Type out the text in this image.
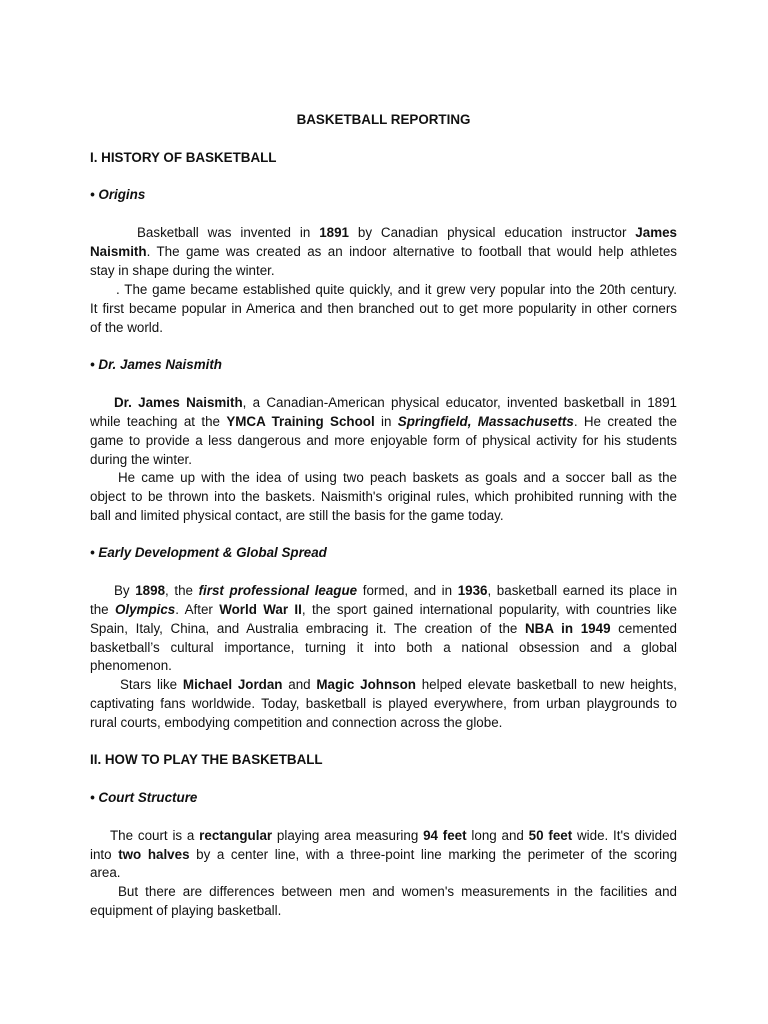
BASKETBALL REPORTING
I. HISTORY OF BASKETBALL
• Origins
Basketball was invented in 1891 by Canadian physical education instructor James
Naismith. The game was created as an indoor alternative to football that would help athletes
stay in shape during the winter.
. The game became established quite quickly, and it grew very popular into the 20th century.
It first became popular in America and then branched out to get more popularity in other corners
of the world.
• Dr. James Naismith
Dr. James Naismith, a Canadian-American physical educator, invented basketball in 1891
while teaching at the YMCA Training School in Springfield, Massachusetts. He created the
game to provide a less dangerous and more enjoyable form of physical activity for his students
during the winter.
He came up with the idea of using two peach baskets as goals and a soccer ball as the
object to be thrown into the baskets. Naismith's original rules, which prohibited running with the
ball and limited physical contact, are still the basis for the game today.
• Early Development & Global Spread
By 1898, the first professional league formed, and in 1936, basketball earned its place in
the Olympics. After World War II, the sport gained international popularity, with countries like
Spain, Italy, China, and Australia embracing it. The creation of the NBA in 1949 cemented
basketball’s cultural importance, turning it into both a national obsession and a global
phenomenon.
Stars like Michael Jordan and Magic Johnson helped elevate basketball to new heights,
captivating fans worldwide. Today, basketball is played everywhere, from urban playgrounds to
rural courts, embodying competition and connection across the globe.
II. HOW TO PLAY THE BASKETBALL
• Court Structure
The court is a rectangular playing area measuring 94 feet long and 50 feet wide. It's divided
into two halves by a center line, with a three-point line marking the perimeter of the scoring
area.
But there are differences between men and women's measurements in the facilities and
equipment of playing basketball.
